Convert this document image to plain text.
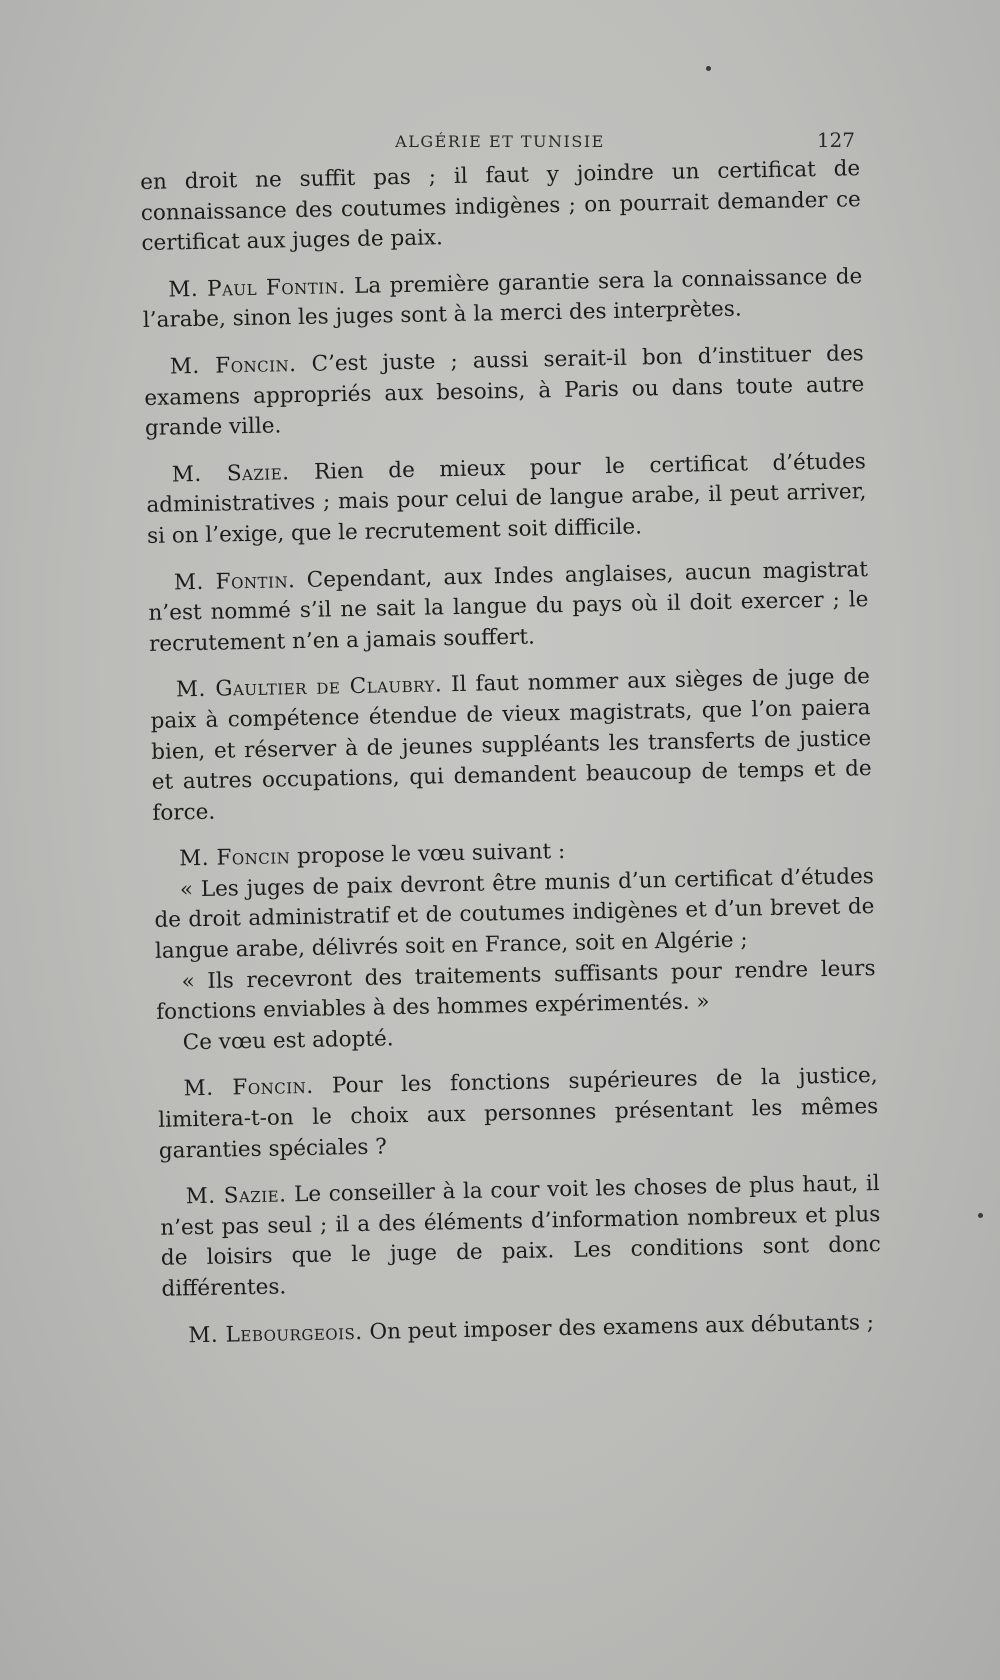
ALGÉRIE ET TUNISIE	127

en droit ne suffit pas ; il faut y joindre un certificat de connaissance des coutumes indigènes ; on pourrait demander ce certificat aux juges de paix.

M. Paul Fontin. La première garantie sera la connaissance de l’arabe, sinon les juges sont à la merci des interprètes.

M. Foncin. C’est juste ; aussi serait-il bon d’instituer des examens appropriés aux besoins, à Paris ou dans toute autre grande ville.

M. Sazie. Rien de mieux pour le certificat d’études administratives ; mais pour celui de langue arabe, il peut arriver, si on l’exige, que le recrutement soit difficile.

M. Fontin. Cependant, aux Indes anglaises, aucun magistrat n’est nommé s’il ne sait la langue du pays où il doit exercer ; le recrutement n’en a jamais souffert.

M. Gaultier de Claubry. Il faut nommer aux sièges de juge de paix à compétence étendue de vieux magistrats, que l’on paiera bien, et réserver à de jeunes suppléants les transferts de justice et autres occupations, qui demandent beaucoup de temps et de force.

M. Foncin propose le vœu suivant :

« Les juges de paix devront être munis d’un certificat d’études de droit administratif et de coutumes indigènes et d’un brevet de langue arabe, délivrés soit en France, soit en Algérie ;

« Ils recevront des traitements suffisants pour rendre leurs fonctions enviables à des hommes expérimentés. »

Ce vœu est adopté.

M. Foncin. Pour les fonctions supérieures de la justice, limitera-t-on le choix aux personnes présentant les mêmes garanties spéciales ?

M. Sazie. Le conseiller à la cour voit les choses de plus haut, il n’est pas seul ; il a des éléments d’information nombreux et plus de loisirs que le juge de paix. Les conditions sont donc différentes.

M. Lebourgeois. On peut imposer des examens aux débutants ;
